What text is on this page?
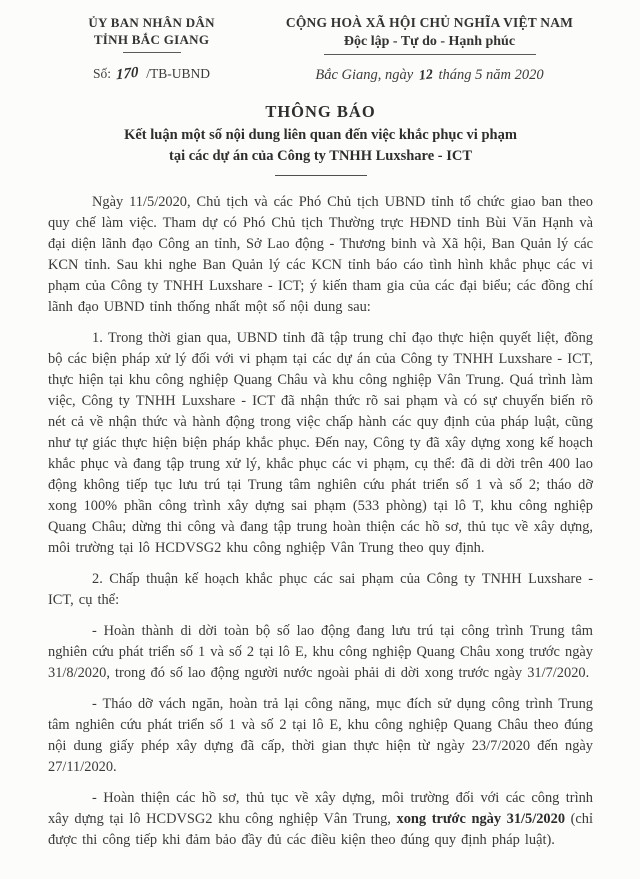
ỦY BAN NHÂN DÂN
TỈNH BẮC GIANG
Số: 170 /TB-UBND
CỘNG HOÀ XÃ HỘI CHỦ NGHĨA VIỆT NAM
Độc lập - Tự do - Hạnh phúc
Bắc Giang, ngày 12 tháng 5 năm 2020
THÔNG BÁO
Kết luận một số nội dung liên quan đến việc khắc phục vi phạm
tại các dự án của Công ty TNHH Luxshare - ICT

Ngày 11/5/2020, Chủ tịch và các Phó Chủ tịch UBND tỉnh tổ chức giao ban theo quy chế làm việc. Tham dự có Phó Chủ tịch Thường trực HĐND tỉnh Bùi Văn Hạnh và đại diện lãnh đạo Công an tỉnh, Sở Lao động - Thương binh và Xã hội, Ban Quản lý các KCN tỉnh. Sau khi nghe Ban Quản lý các KCN tỉnh báo cáo tình hình khắc phục các vi phạm của Công ty TNHH Luxshare - ICT; ý kiến tham gia của các đại biểu; các đồng chí lãnh đạo UBND tỉnh thống nhất một số nội dung sau:

1. Trong thời gian qua, UBND tỉnh đã tập trung chỉ đạo thực hiện quyết liệt, đồng bộ các biện pháp xử lý đối với vi phạm tại các dự án của Công ty TNHH Luxshare - ICT, thực hiện tại khu công nghiệp Quang Châu và khu công nghiệp Vân Trung. Quá trình làm việc, Công ty TNHH Luxshare - ICT đã nhận thức rõ sai phạm và có sự chuyển biến rõ nét cả về nhận thức và hành động trong việc chấp hành các quy định của pháp luật, cũng như tự giác thực hiện biện pháp khắc phục. Đến nay, Công ty đã xây dựng xong kế hoạch khắc phục và đang tập trung xử lý, khắc phục các vi phạm, cụ thể: đã di dời trên 400 lao động không tiếp tục lưu trú tại Trung tâm nghiên cứu phát triển số 1 và số 2; tháo dỡ xong 100% phần công trình xây dựng sai phạm (533 phòng) tại lô T, khu công nghiệp Quang Châu; dừng thi công và đang tập trung hoàn thiện các hồ sơ, thủ tục về xây dựng, môi trường tại lô HCDVSG2 khu công nghiệp Vân Trung theo quy định.

2. Chấp thuận kế hoạch khắc phục các sai phạm của Công ty TNHH Luxshare - ICT, cụ thể:

- Hoàn thành di dời toàn bộ số lao động đang lưu trú tại công trình Trung tâm nghiên cứu phát triển số 1 và số 2 tại lô E, khu công nghiệp Quang Châu xong trước ngày 31/8/2020, trong đó số lao động người nước ngoài phải di dời xong trước ngày 31/7/2020.

- Tháo dỡ vách ngăn, hoàn trả lại công năng, mục đích sử dụng công trình Trung tâm nghiên cứu phát triển số 1 và số 2 tại lô E, khu công nghiệp Quang Châu theo đúng nội dung giấy phép xây dựng đã cấp, thời gian thực hiện từ ngày 23/7/2020 đến ngày 27/11/2020.

- Hoàn thiện các hồ sơ, thủ tục về xây dựng, môi trường đối với các công trình xây dựng tại lô HCDVSG2 khu công nghiệp Vân Trung, xong trước ngày 31/5/2020 (chỉ được thi công tiếp khi đảm bảo đầy đủ các điều kiện theo đúng quy định pháp luật).
